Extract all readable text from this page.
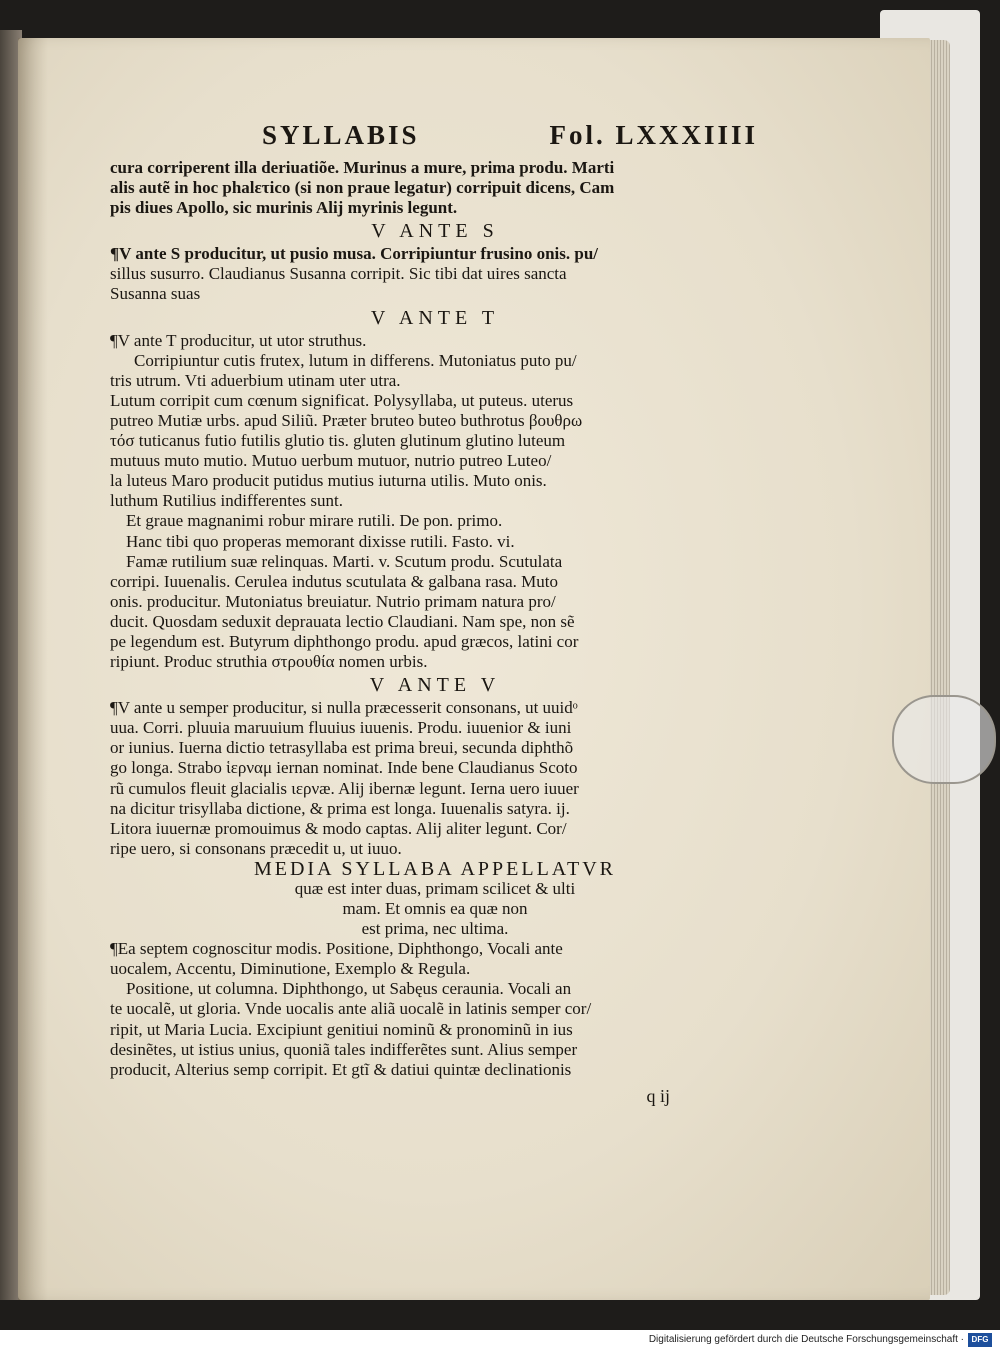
SYLLABIS	Fol. LXXXIIII
cura corriperent illa deriuatiõe. Murinus a mure, prima produ. Marti
alis autẽ in hoc phalετico (si non praue legatur) corripuit dicens, Cam
pis diues Apollo, sic murinis Alij myrinis legunt.
V ANTE S
¶V ante S producitur, ut pusio musa. Corripiuntur frusino onis. pu/
sillus susurro. Claudianus Susanna corripit. Sic tibi dat uires sancta
Susanna suas
V ANTE T
¶V ante T producitur, ut utor struthus.
Corripiuntur cutis frutex, lutum in differens. Mutoniatus puto pu/
tris utrum. Vti aduerbium utinam uter utra.
Lutum corripit cum cœnum significat. Polysyllaba, ut puteus. uterus
putreo Mutiæ urbs. apud Siliũ. Præter bruteo buteo buthrotus βουθρω
τόσ tuticanus futio futilis glutio tis. gluten glutinum glutino luteum
mutuus muto mutio. Mutuo uerbum mutuor, nutrio putreo Luteo/
la luteus Maro producit putidus mutius iuturna utilis. Muto onis.
luthum Rutilius indifferentes sunt.
Et graue magnanimi robur mirare rutili. De pon. primo.
Hanc tibi quo properas memorant dixisse rutili. Fasto. vi.
Famæ rutilium suæ relinquas. Marti. v. Scutum produ. Scutulata
corripi. Iuuenalis. Cerulea indutus scutulata & galbana rasa. Muto
onis. producitur. Mutoniatus breuiatur. Nutrio primam natura pro/
ducit. Quosdam seduxit deprauata lectio Claudiani. Nam spe, non sẽ
pe legendum est. Butyrum diphthongo produ. apud græcos, latini cor
ripiunt. Produc struthia στρουθία nomen urbis.
V ANTE V
¶V ante u semper producitur, si nulla præcesserit consonans, ut uuidᵒ
uua. Corri. pluuia maruuium fluuius iuuenis. Produ. iuuenior & iuni
or iunius. Iuerna dictio tetrasyllaba est prima breui, secunda diphthõ
go longa. Strabo ἱερναμ iernan nominat. Inde bene Claudianus Scoto
rũ cumulos fleuit glacialis ιερνæ. Alij ibernæ legunt. Ierna uero iuuer
na dicitur trisyllaba dictione, & prima est longa. Iuuenalis satyra. ij.
Litora iuuernæ promouimus & modo captas. Alij aliter legunt. Cor/
ripe uero, si consonans præcedit u, ut iuuo.
MEDIA SYLLABA APPELLATVR
quæ est inter duas, primam scilicet & ulti
mam. Et omnis ea quæ non
est prima, nec ultima.
¶Ea septem cognoscitur modis. Positione, Diphthongo, Vocali ante
uocalem, Accentu, Diminutione, Exemplo & Regula.
Positione, ut columna. Diphthongo, ut Sabęus ceraunia. Vocali an
te uocalẽ, ut gloria. Vnde uocalis ante aliã uocalẽ in latinis semper cor/
ripit, ut Maria Lucia. Excipiunt genitiui nominũ & pronominũ in ius
desinẽtes, ut istius unius, quoniã tales indifferẽtes sunt. Alius semper
producit, Alterius semp corripit. Et gtĩ & datiui quintæ declinationis
q ij
Digitalisierung gefördert durch die Deutsche Forschungsgemeinschaft · DFG
